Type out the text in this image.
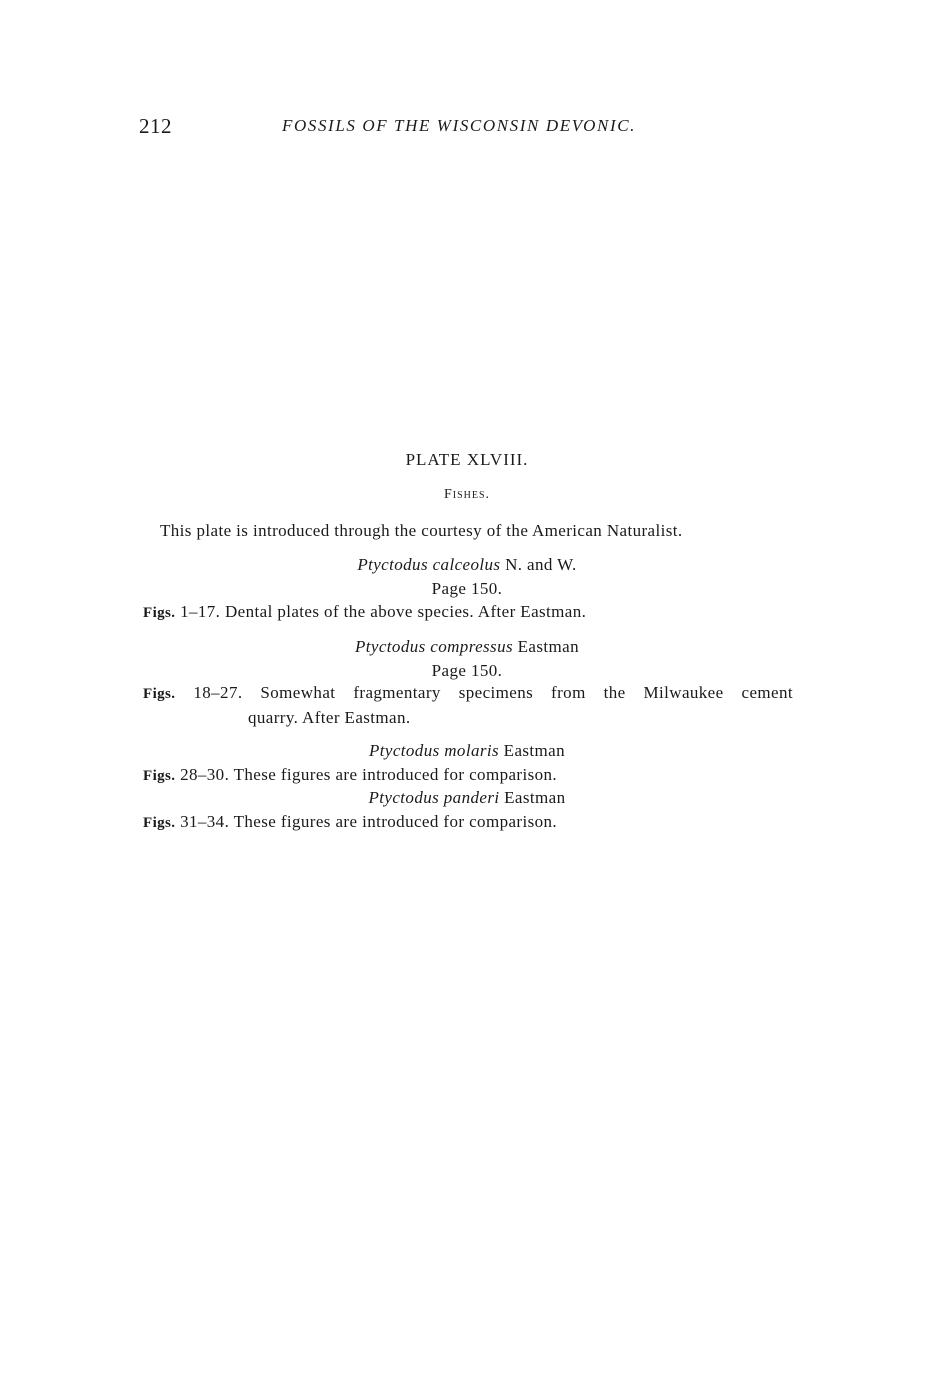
212	FOSSILS OF THE WISCONSIN DEVONIC.
PLATE XLVIII.
Fishes.
This plate is introduced through the courtesy of the American Naturalist.
Ptyctodus calceolus N. and W.
Page 150.
Figs. 1–17. Dental plates of the above species. After Eastman.
Ptyctodus compressus Eastman
Page 150.
Figs. 18–27. Somewhat fragmentary specimens from the Milwaukee cement
quarry. After Eastman.
Ptyctodus molaris Eastman
Figs. 28–30. These figures are introduced for comparison.
Ptyctodus panderi Eastman
Figs. 31–34. These figures are introduced for comparison.
